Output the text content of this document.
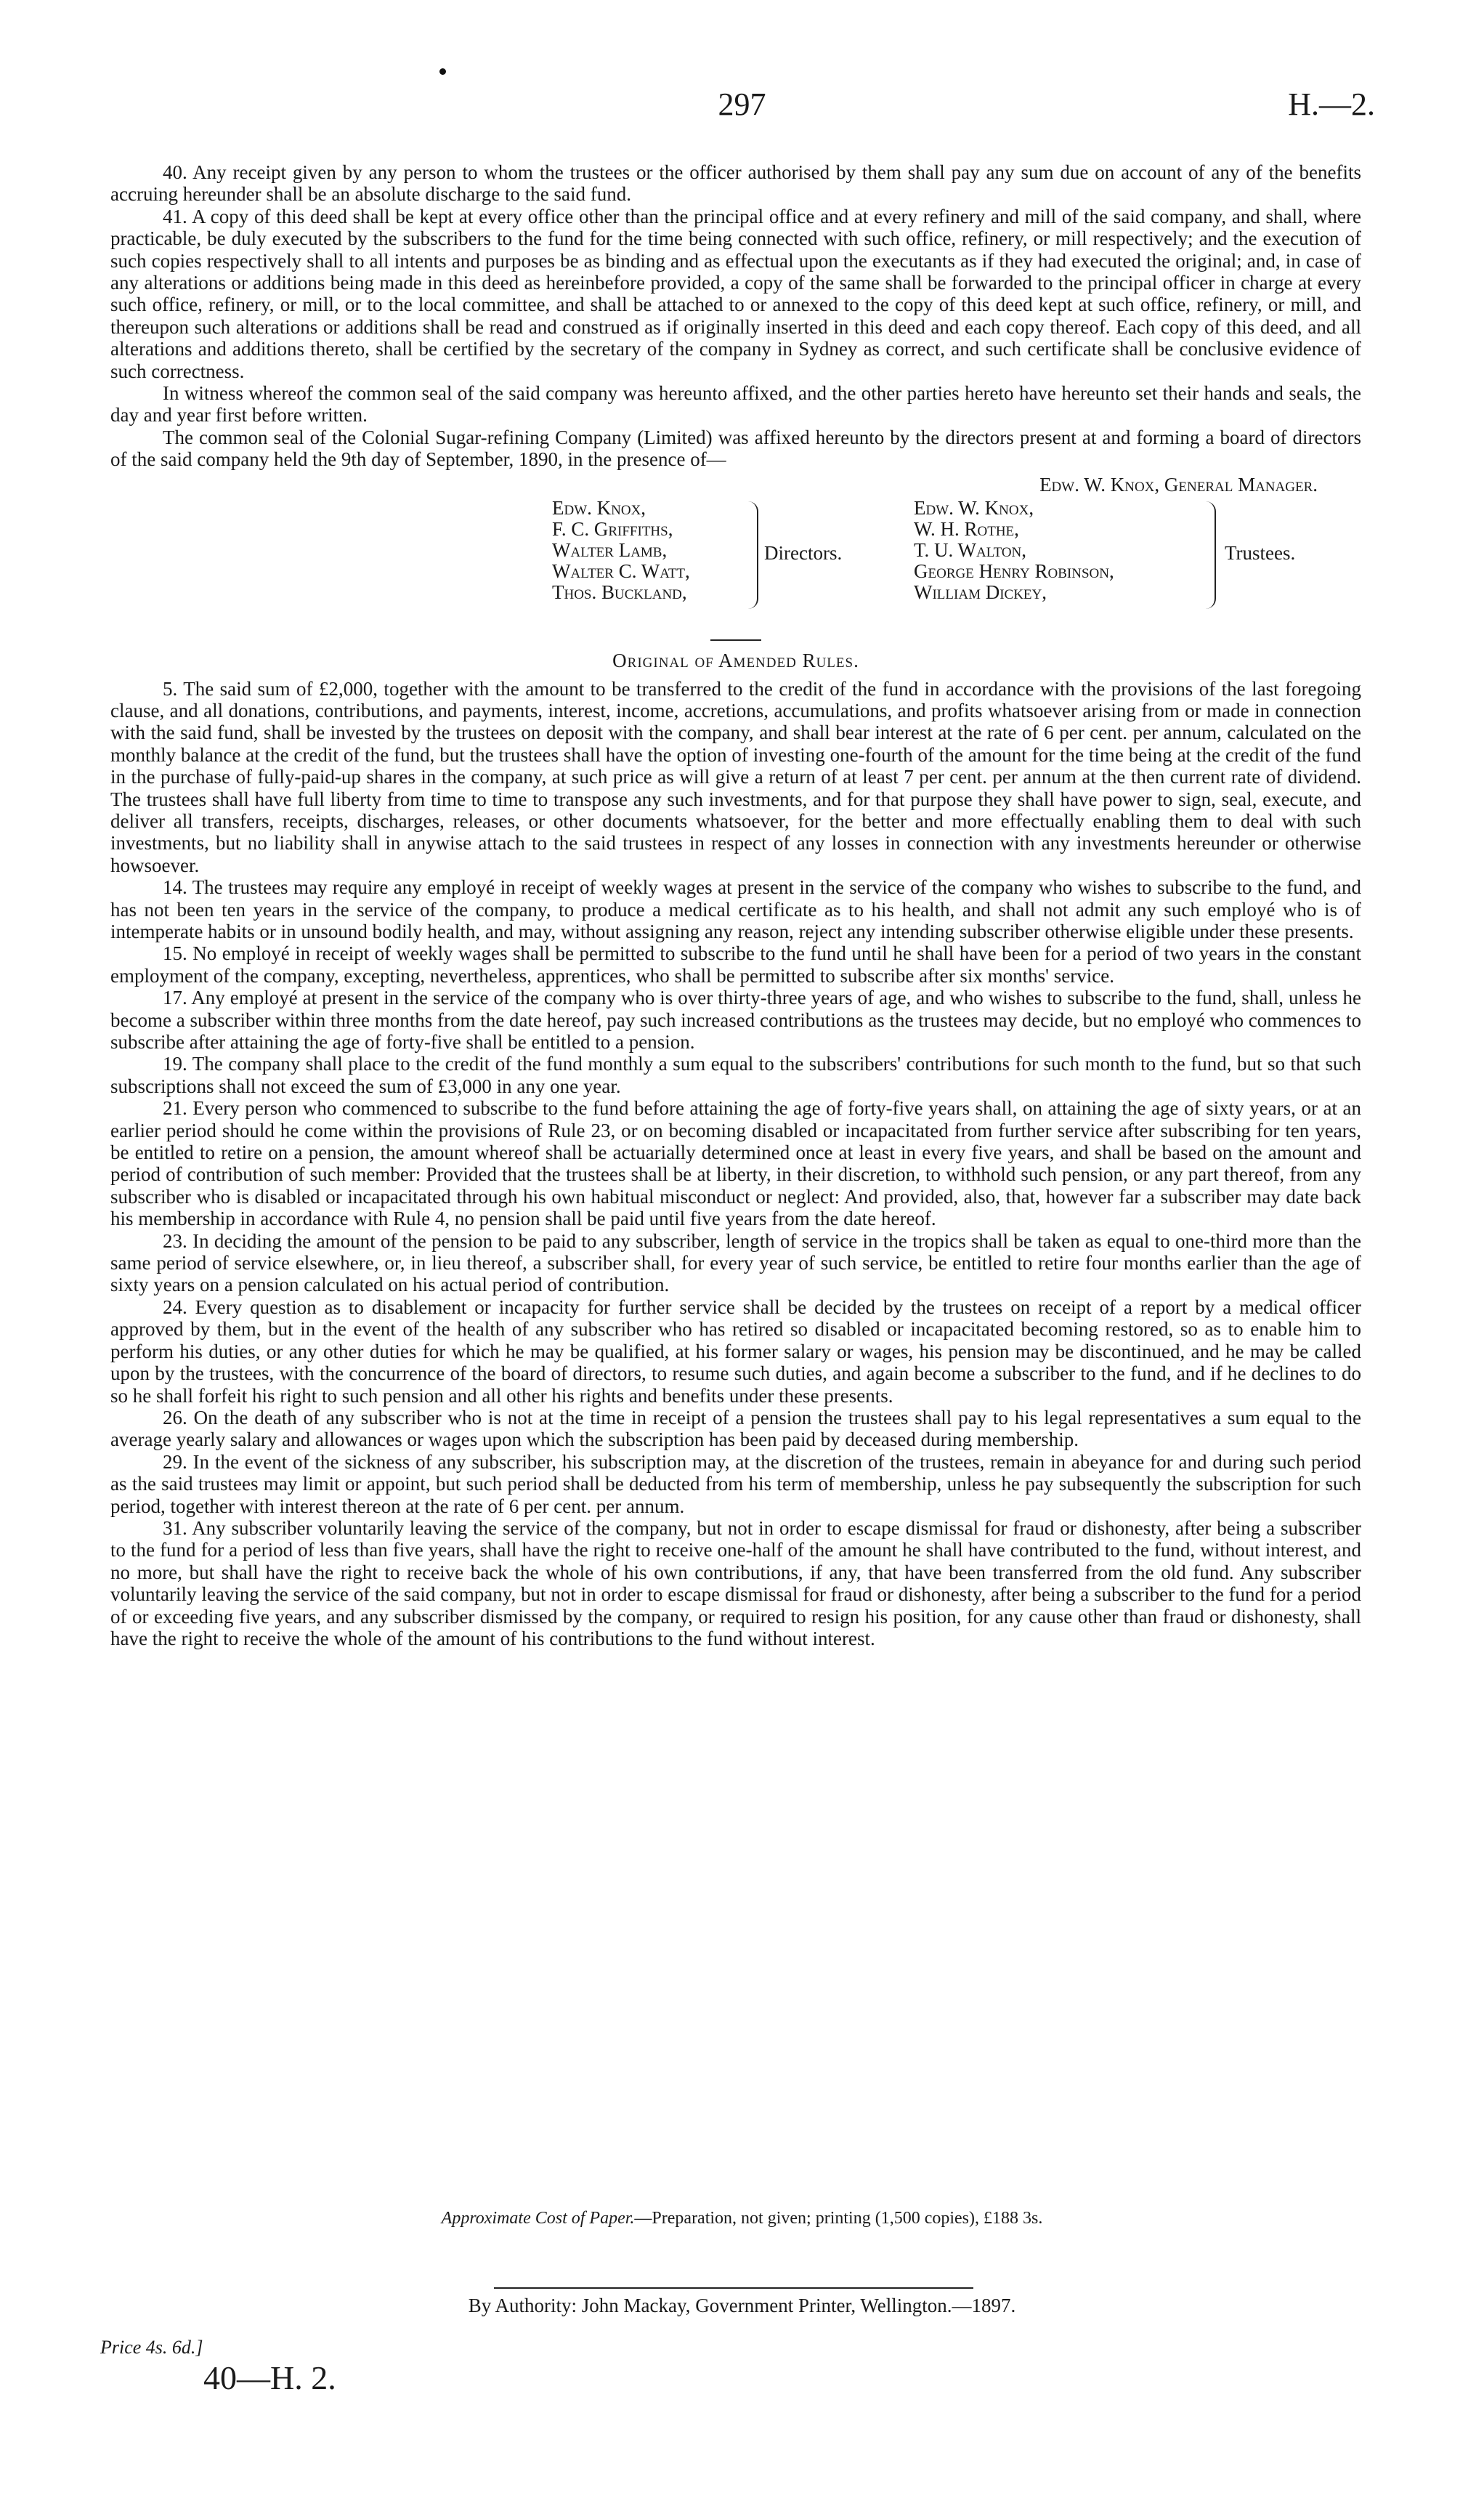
297	H.—2.

40. Any receipt given by any person to whom the trustees or the officer authorised by them shall pay any sum due on account of any of the benefits accruing hereunder shall be an absolute discharge to the said fund.

41. A copy of this deed shall be kept at every office other than the principal office and at every refinery and mill of the said company, and shall, where practicable, be duly executed by the subscribers to the fund for the time being connected with such office, refinery, or mill respectively; and the execution of such copies respectively shall to all intents and purposes be as binding and as effectual upon the executants as if they had executed the original; and, in case of any alterations or additions being made in this deed as hereinbefore provided, a copy of the same shall be forwarded to the principal officer in charge at every such office, refinery, or mill, or to the local committee, and shall be attached to or annexed to the copy of this deed kept at such office, refinery, or mill, and thereupon such alterations or additions shall be read and construed as if originally inserted in this deed and each copy thereof. Each copy of this deed, and all alterations and additions thereto, shall be certified by the secretary of the company in Sydney as correct, and such certificate shall be conclusive evidence of such correctness.

In witness whereof the common seal of the said company was hereunto affixed, and the other parties hereto have hereunto set their hands and seals, the day and year first before written.

The common seal of the Colonial Sugar-refining Company (Limited) was affixed hereunto by the directors present at and forming a board of directors of the said company held the 9th day of September, 1890, in the presence of—

Edw. W. Knox, General Manager.
Edw. Knox,
F. C. Griffiths,
Walter Lamb,
Walter C. Watt,
Thos. Buckland,
Directors.
Edw. W. Knox,
W. H. Rothe,
T. U. Walton,
George Henry Robinson,
William Dickey,
Trustees.
Original of Amended Rules.

5. The said sum of £2,000, together with the amount to be transferred to the credit of the fund in accordance with the provisions of the last foregoing clause, and all donations, contributions, and payments, interest, income, accretions, accumulations, and profits whatsoever arising from or made in connection with the said fund, shall be invested by the trustees on deposit with the company, and shall bear interest at the rate of 6 per cent. per annum, calculated on the monthly balance at the credit of the fund, but the trustees shall have the option of investing one-fourth of the amount for the time being at the credit of the fund in the purchase of fully-paid-up shares in the company, at such price as will give a return of at least 7 per cent. per annum at the then current rate of dividend. The trustees shall have full liberty from time to time to transpose any such investments, and for that purpose they shall have power to sign, seal, execute, and deliver all transfers, receipts, discharges, releases, or other documents whatsoever, for the better and more effectually enabling them to deal with such investments, but no liability shall in anywise attach to the said trustees in respect of any losses in connection with any investments hereunder or otherwise howsoever.

14. The trustees may require any employé in receipt of weekly wages at present in the service of the company who wishes to subscribe to the fund, and has not been ten years in the service of the company, to produce a medical certificate as to his health, and shall not admit any such employé who is of intemperate habits or in unsound bodily health, and may, without assigning any reason, reject any intending subscriber otherwise eligible under these presents.

15. No employé in receipt of weekly wages shall be permitted to subscribe to the fund until he shall have been for a period of two years in the constant employment of the company, excepting, nevertheless, apprentices, who shall be permitted to subscribe after six months' service.

17. Any employé at present in the service of the company who is over thirty-three years of age, and who wishes to subscribe to the fund, shall, unless he become a subscriber within three months from the date hereof, pay such increased contributions as the trustees may decide, but no employé who commences to subscribe after attaining the age of forty-five shall be entitled to a pension.

19. The company shall place to the credit of the fund monthly a sum equal to the subscribers' contributions for such month to the fund, but so that such subscriptions shall not exceed the sum of £3,000 in any one year.

21. Every person who commenced to subscribe to the fund before attaining the age of forty-five years shall, on attaining the age of sixty years, or at an earlier period should he come within the provisions of Rule 23, or on becoming disabled or incapacitated from further service after subscribing for ten years, be entitled to retire on a pension, the amount whereof shall be actuarially determined once at least in every five years, and shall be based on the amount and period of contribution of such member: Provided that the trustees shall be at liberty, in their discretion, to withhold such pension, or any part thereof, from any subscriber who is disabled or incapacitated through his own habitual misconduct or neglect: And provided, also, that, however far a subscriber may date back his membership in accordance with Rule 4, no pension shall be paid until five years from the date hereof.

23. In deciding the amount of the pension to be paid to any subscriber, length of service in the tropics shall be taken as equal to one-third more than the same period of service elsewhere, or, in lieu thereof, a subscriber shall, for every year of such service, be entitled to retire four months earlier than the age of sixty years on a pension calculated on his actual period of contribution.

24. Every question as to disablement or incapacity for further service shall be decided by the trustees on receipt of a report by a medical officer approved by them, but in the event of the health of any subscriber who has retired so disabled or incapacitated becoming restored, so as to enable him to perform his duties, or any other duties for which he may be qualified, at his former salary or wages, his pension may be discontinued, and he may be called upon by the trustees, with the concurrence of the board of directors, to resume such duties, and again become a subscriber to the fund, and if he declines to do so he shall forfeit his right to such pension and all other his rights and benefits under these presents.

26. On the death of any subscriber who is not at the time in receipt of a pension the trustees shall pay to his legal representatives a sum equal to the average yearly salary and allowances or wages upon which the subscription has been paid by deceased during membership.

29. In the event of the sickness of any subscriber, his subscription may, at the discretion of the trustees, remain in abeyance for and during such period as the said trustees may limit or appoint, but such period shall be deducted from his term of membership, unless he pay subsequently the subscription for such period, together with interest thereon at the rate of 6 per cent. per annum.

31. Any subscriber voluntarily leaving the service of the company, but not in order to escape dismissal for fraud or dishonesty, after being a subscriber to the fund for a period of less than five years, shall have the right to receive one-half of the amount he shall have contributed to the fund, without interest, and no more, but shall have the right to receive back the whole of his own contributions, if any, that have been transferred from the old fund. Any subscriber voluntarily leaving the service of the said company, but not in order to escape dismissal for fraud or dishonesty, after being a subscriber to the fund for a period of or exceeding five years, and any subscriber dismissed by the company, or required to resign his position, for any cause other than fraud or dishonesty, shall have the right to receive the whole of the amount of his contributions to the fund without interest.

Approximate Cost of Paper.—Preparation, not given; printing (1,500 copies), £188 3s.
By Authority: John Mackay, Government Printer, Wellington.—1897.
Price 4s. 6d.]
40—H. 2.
